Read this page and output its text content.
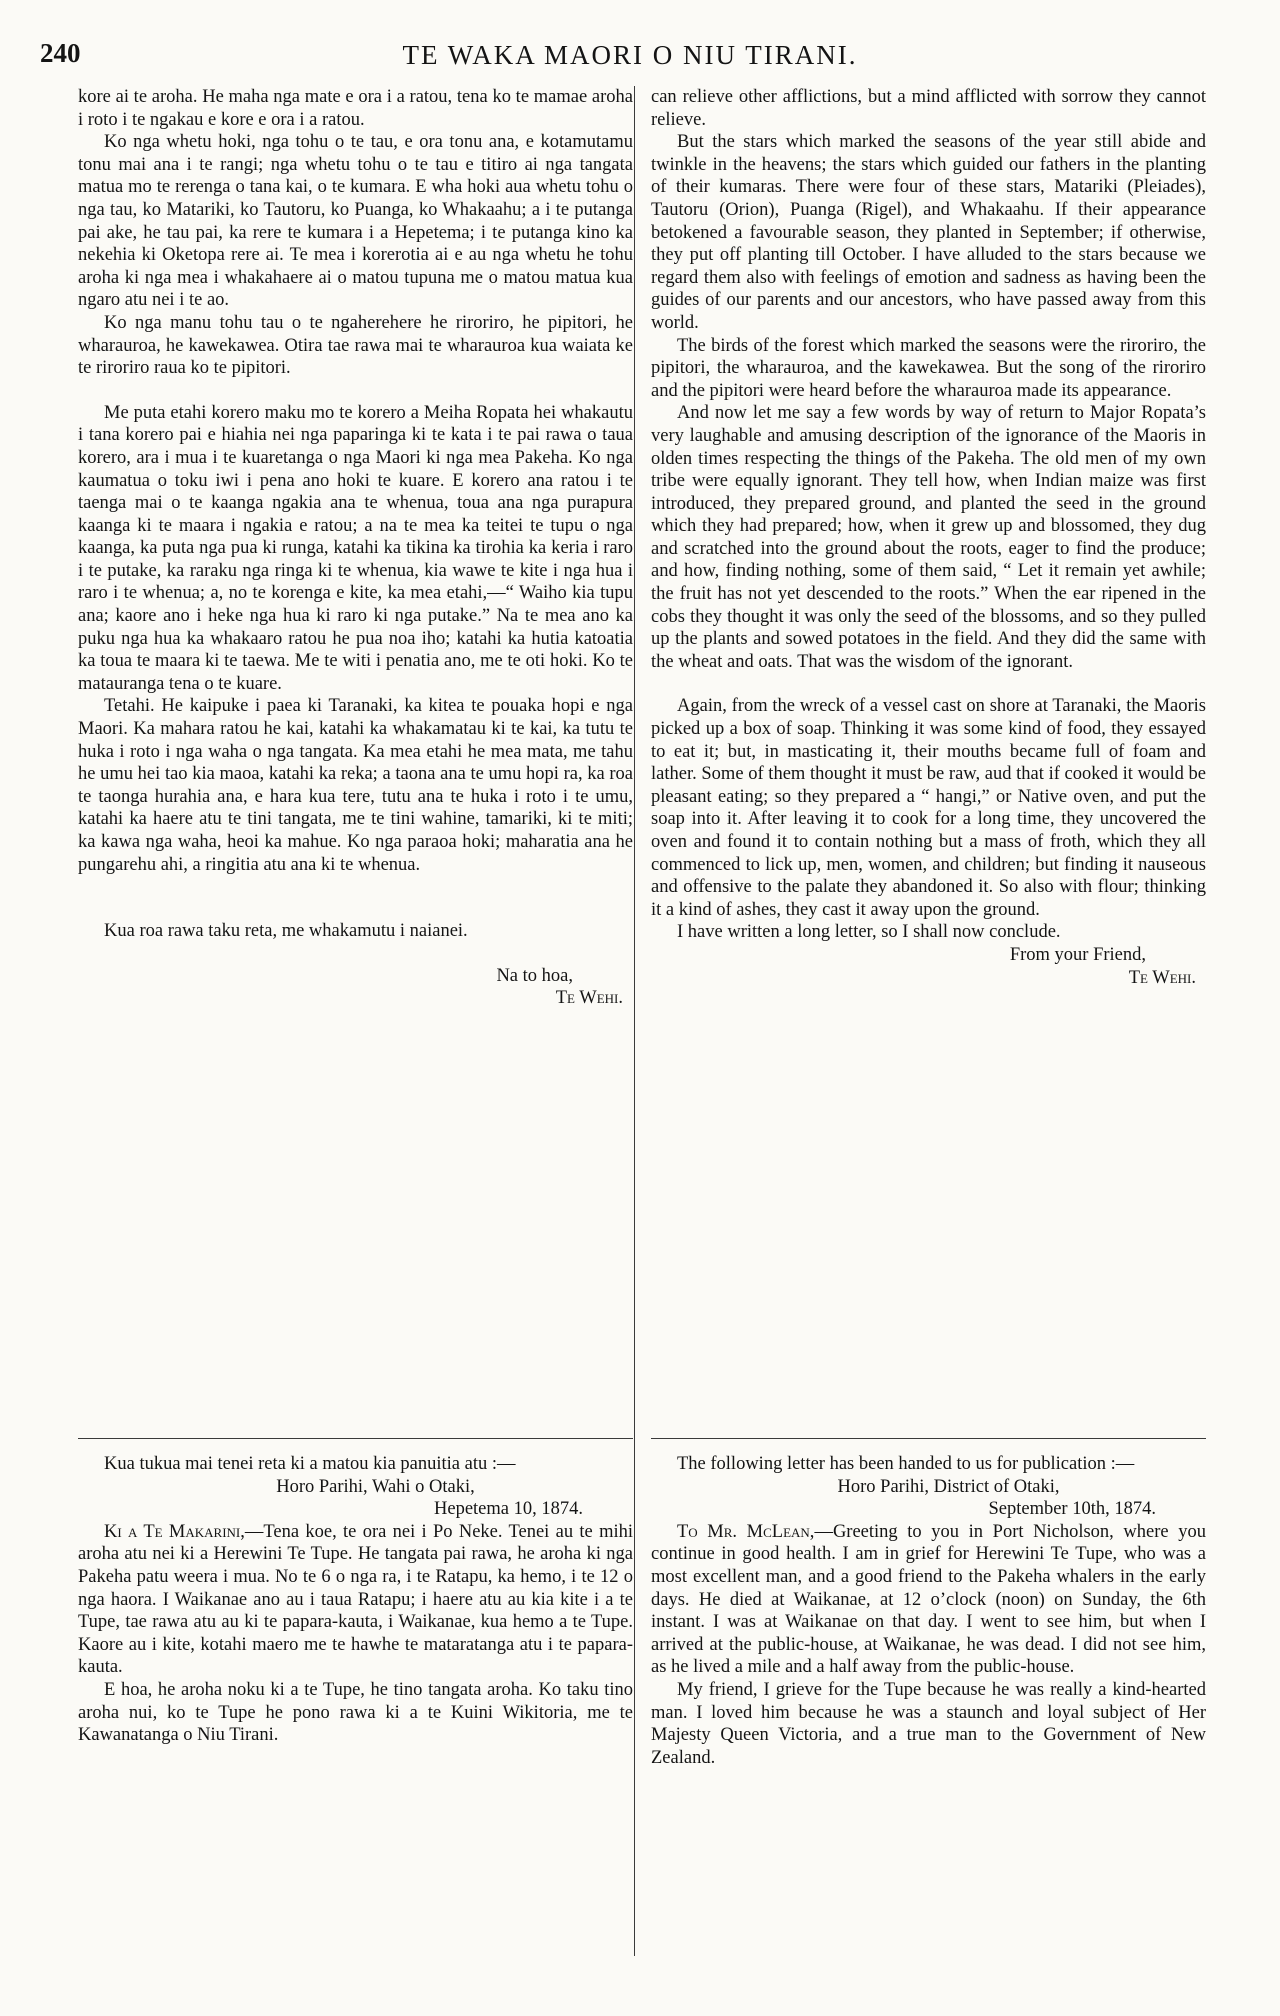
240	TE WAKA MAORI O NIU TIRANI.

kore ai te aroha. He maha nga mate e ora i a ratou, tena ko te mamae aroha i roto i te ngakau e kore e ora i a ratou.

Ko nga whetu hoki, nga tohu o te tau, e ora tonu ana, e kotamutamu tonu mai ana i te rangi; nga whetu tohu o te tau e titiro ai nga tangata matua mo te rerenga o tana kai, o te kumara. E wha hoki aua whetu tohu o nga tau, ko Matariki, ko Tautoru, ko Puanga, ko Whakaahu; a i te putanga pai ake, he tau pai, ka rere te kumara i a Hepetema; i te putanga kino ka nekehia ki Oketopa rere ai. Te mea i korerotia ai e au nga whetu he tohu aroha ki nga mea i whakahaere ai o matou tupuna me o matou matua kua ngaro atu nei i te ao.

Ko nga manu tohu tau o te ngaherehere he riroriro, he pipitori, he wharauroa, he kawekawea. Otira tae rawa mai te wharauroa kua waiata ke te riroriro raua ko te pipitori.

Me puta etahi korero maku mo te korero a Meiha Ropata hei whakautu i tana korero pai e hiahia nei nga paparinga ki te kata i te pai rawa o taua korero, ara i mua i te kuaretanga o nga Maori ki nga mea Pakeha. Ko nga kaumatua o toku iwi i pena ano hoki te kuare. E korero ana ratou i te taenga mai o te kaanga ngakia ana te whenua, toua ana nga purapura kaanga ki te maara i ngakia e ratou; a na te mea ka teitei te tupu o nga kaanga, ka puta nga pua ki runga, katahi ka tikina ka tirohia ka keria i raro i te putake, ka raraku nga ringa ki te whenua, kia wawe te kite i nga hua i raro i te whenua; a, no te korenga e kite, ka mea etahi,—“ Waiho kia tupu ana; kaore ano i heke nga hua ki raro ki nga putake.” Na te mea ano ka puku nga hua ka whakaaro ratou he pua noa iho; katahi ka hutia katoatia ka toua te maara ki te taewa. Me te witi i penatia ano, me te oti hoki. Ko te matauranga tena o te kuare.

Tetahi. He kaipuke i paea ki Taranaki, ka kitea te pouaka hopi e nga Maori. Ka mahara ratou he kai, katahi ka whakamatau ki te kai, ka tutu te huka i roto i nga waha o nga tangata. Ka mea etahi he mea mata, me tahu he umu hei tao kia maoa, katahi ka reka; a taona ana te umu hopi ra, ka roa te taonga hurahia ana, e hara kua tere, tutu ana te huka i roto i te umu, katahi ka haere atu te tini tangata, me te tini wahine, tamariki, ki te miti; ka kawa nga waha, heoi ka mahue. Ko nga paraoa hoki; maharatia ana he pungarehu ahi, a ringitia atu ana ki te whenua.

Kua roa rawa taku reta, me whakamutu i naianei.

Na to hoa,

Te Wehi.

Kua tukua mai tenei reta ki a matou kia panuitia atu :—

Horo Parihi, Wahi o Otaki,

Hepetema 10, 1874.

Ki a Te Makarini,—Tena koe, te ora nei i Po Neke. Tenei au te mihi aroha atu nei ki a Herewini Te Tupe. He tangata pai rawa, he aroha ki nga Pakeha patu weera i mua. No te 6 o nga ra, i te Ratapu, ka hemo, i te 12 o nga haora. I Waikanae ano au i taua Ratapu; i haere atu au kia kite i a te Tupe, tae rawa atu au ki te papara-kauta, i Waikanae, kua hemo a te Tupe. Kaore au i kite, kotahi maero me te hawhe te mataratanga atu i te papara-kauta.

E hoa, he aroha noku ki a te Tupe, he tino tangata aroha. Ko taku tino aroha nui, ko te Tupe he pono rawa ki a te Kuini Wikitoria, me te Kawanatanga o Niu Tirani.

can relieve other afflictions, but a mind afflicted with sorrow they cannot relieve.

But the stars which marked the seasons of the year still abide and twinkle in the heavens; the stars which guided our fathers in the planting of their kumaras. There were four of these stars, Matariki (Pleiades), Tautoru (Orion), Puanga (Rigel), and Whakaahu. If their appearance betokened a favourable season, they planted in September; if otherwise, they put off planting till October. I have alluded to the stars because we regard them also with feelings of emotion and sadness as having been the guides of our parents and our ancestors, who have passed away from this world.

The birds of the forest which marked the seasons were the riroriro, the pipitori, the wharauroa, and the kawekawea. But the song of the riroriro and the pipitori were heard before the wharauroa made its appearance.

And now let me say a few words by way of return to Major Ropata’s very laughable and amusing description of the ignorance of the Maoris in olden times respecting the things of the Pakeha. The old men of my own tribe were equally ignorant. They tell how, when Indian maize was first introduced, they prepared ground, and planted the seed in the ground which they had prepared; how, when it grew up and blossomed, they dug and scratched into the ground about the roots, eager to find the produce; and how, finding nothing, some of them said, “ Let it remain yet awhile; the fruit has not yet descended to the roots.” When the ear ripened in the cobs they thought it was only the seed of the blossoms, and so they pulled up the plants and sowed potatoes in the field. And they did the same with the wheat and oats. That was the wisdom of the ignorant.

Again, from the wreck of a vessel cast on shore at Taranaki, the Maoris picked up a box of soap. Thinking it was some kind of food, they essayed to eat it; but, in masticating it, their mouths became full of foam and lather. Some of them thought it must be raw, aud that if cooked it would be pleasant eating; so they prepared a “ hangi,” or Native oven, and put the soap into it. After leaving it to cook for a long time, they uncovered the oven and found it to contain nothing but a mass of froth, which they all commenced to lick up, men, women, and children; but finding it nauseous and offensive to the palate they abandoned it. So also with flour; thinking it a kind of ashes, they cast it away upon the ground.

I have written a long letter, so I shall now conclude.

From your Friend,

Te Wehi.

The following letter has been handed to us for publication :—

Horo Parihi, District of Otaki,

September 10th, 1874.

To Mr. McLean,—Greeting to you in Port Nicholson, where you continue in good health. I am in grief for Herewini Te Tupe, who was a most excellent man, and a good friend to the Pakeha whalers in the early days. He died at Waikanae, at 12 o’clock (noon) on Sunday, the 6th instant. I was at Waikanae on that day. I went to see him, but when I arrived at the public-house, at Waikanae, he was dead. I did not see him, as he lived a mile and a half away from the public-house.

My friend, I grieve for the Tupe because he was really a kind-hearted man. I loved him because he was a staunch and loyal subject of Her Majesty Queen Victoria, and a true man to the Government of New Zealand.
